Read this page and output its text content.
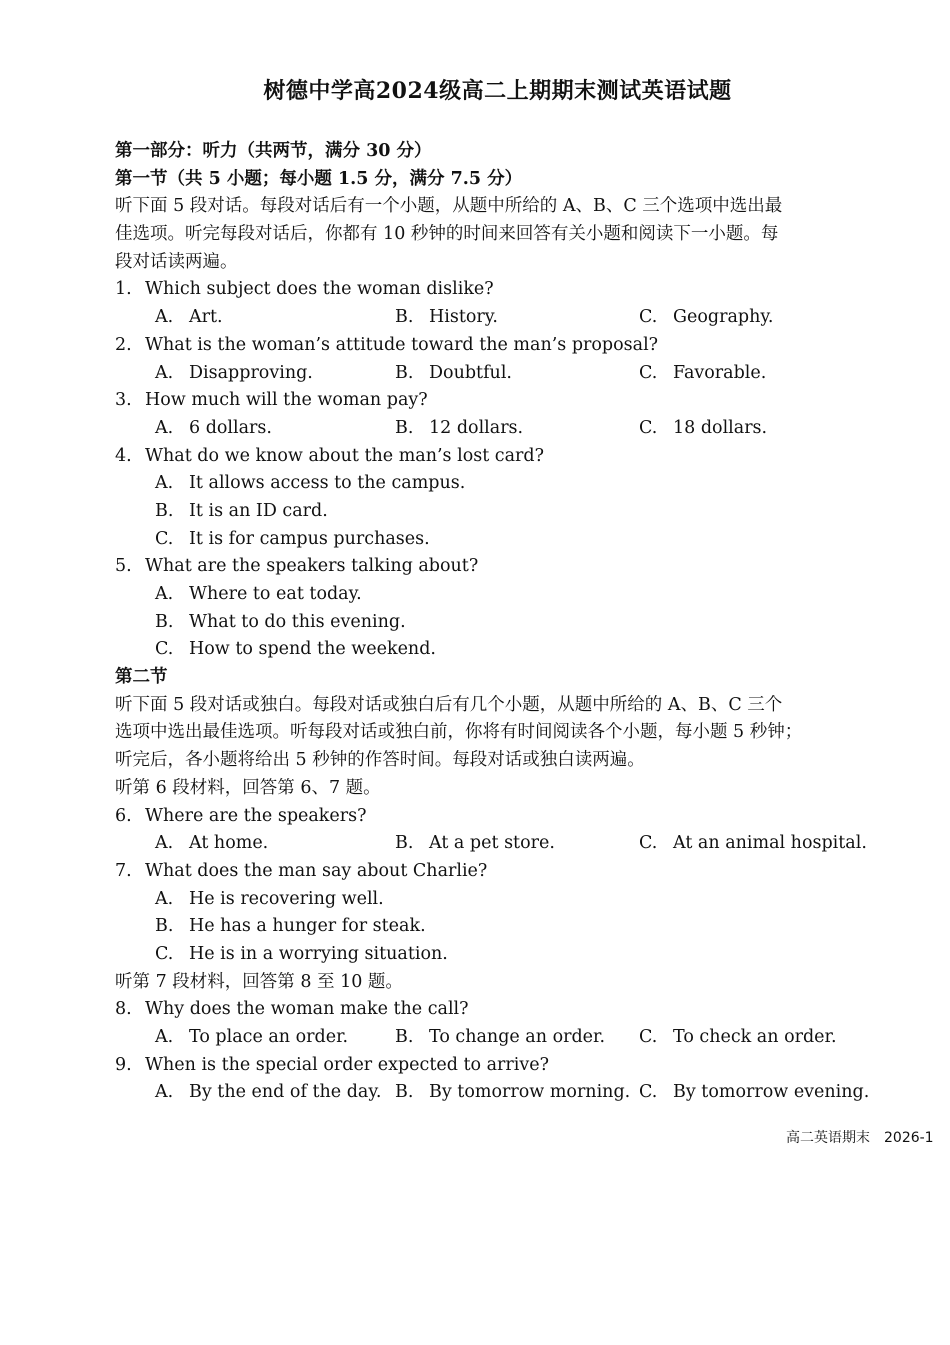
树德中学高2024级高二上期期末测试英语试题
第一部分：听力（共两节，满分 30 分）
第一节（共 5 小题；每小题 1.5 分，满分 7.5 分）
听下面 5 段对话。每段对话后有一个小题，从题中所给的 A、B、C 三个选项中选出最
佳选项。听完每段对话后，你都有 10 秒钟的时间来回答有关小题和阅读下一小题。每
段对话读两遍。
1. Which subject does the woman dislike?
A. Art.	B. History.	C. Geography.
2. What is the woman’s attitude toward the man’s proposal?
A. Disapproving.	B. Doubtful.	C. Favorable.
3. How much will the woman pay?
A. 6 dollars.	B. 12 dollars.	C. 18 dollars.
4. What do we know about the man’s lost card?
A. It allows access to the campus.
B. It is an ID card.
C. It is for campus purchases.
5. What are the speakers talking about?
A. Where to eat today.
B. What to do this evening.
C. How to spend the weekend.
第二节
听下面 5 段对话或独白。每段对话或独白后有几个小题，从题中所给的 A、B、C 三个
选项中选出最佳选项。听每段对话或独白前，你将有时间阅读各个小题，每小题 5 秒钟；
听完后，各小题将给出 5 秒钟的作答时间。每段对话或独白读两遍。
听第 6 段材料，回答第 6、7 题。
6. Where are the speakers?
A. At home.	B. At a pet store.	C. At an animal hospital.
7. What does the man say about Charlie?
A. He is recovering well.
B. He has a hunger for steak.
C. He is in a worrying situation.
听第 7 段材料，回答第 8 至 10 题。
8. Why does the woman make the call?
A. To place an order.	B. To change an order. C. To check an order.
9. When is the special order expected to arrive?
A. By the end of the day. B. By tomorrow morning. C. By tomorrow evening.
高二英语期末 2026-1
